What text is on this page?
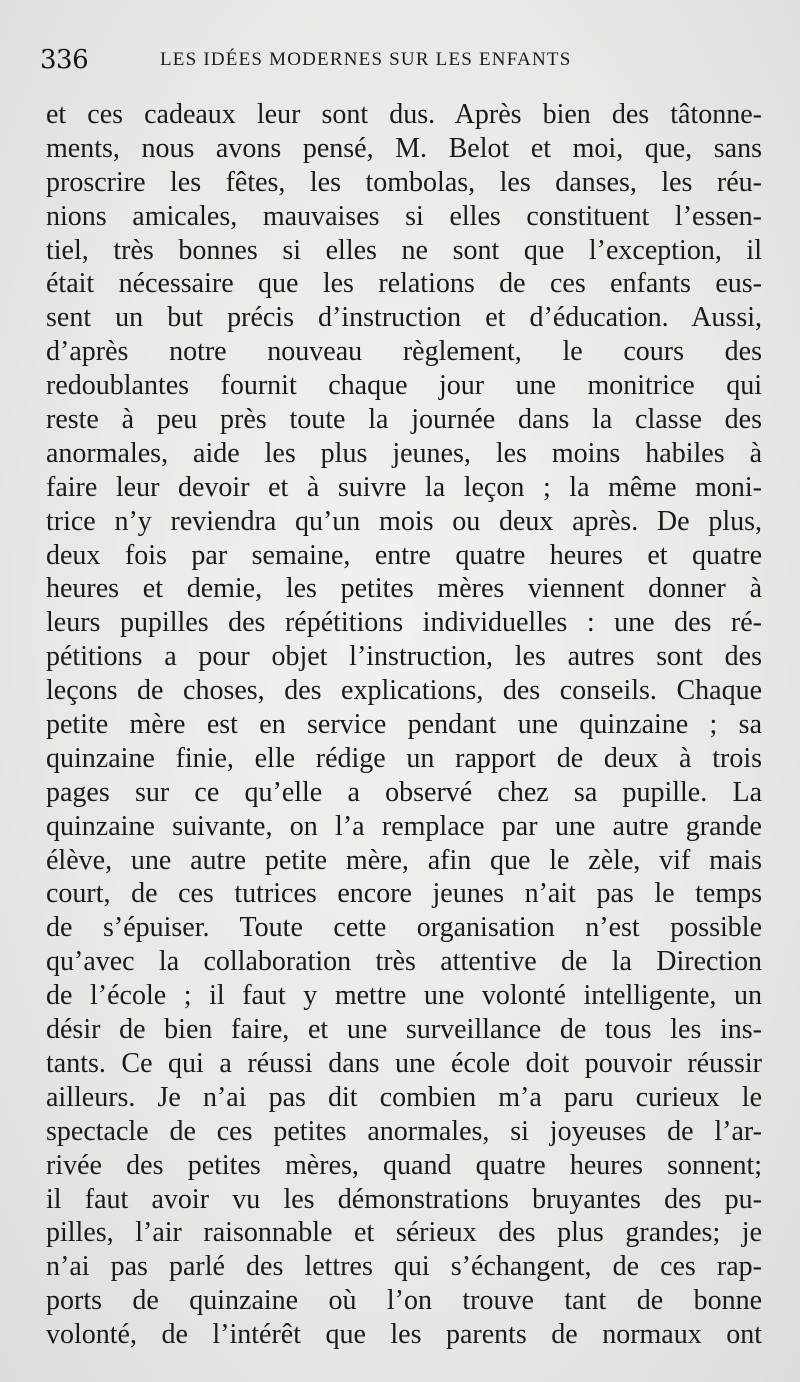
336	LES IDÉES MODERNES SUR LES ENFANTS
et ces cadeaux leur sont dus. Après bien des tâtonne-
ments, nous avons pensé, M. Belot et moi, que, sans
proscrire les fêtes, les tombolas, les danses, les réu-
nions amicales, mauvaises si elles constituent l’essen-
tiel, très bonnes si elles ne sont que l’exception, il
était nécessaire que les relations de ces enfants eus-
sent un but précis d’instruction et d’éducation. Aussi,
d’après notre nouveau règlement, le cours des
redoublantes fournit chaque jour une monitrice qui
reste à peu près toute la journée dans la classe des
anormales, aide les plus jeunes, les moins habiles à
faire leur devoir et à suivre la leçon ; la même moni-
trice n’y reviendra qu’un mois ou deux après. De plus,
deux fois par semaine, entre quatre heures et quatre
heures et demie, les petites mères viennent donner à
leurs pupilles des répétitions individuelles : une des ré-
pétitions a pour objet l’instruction, les autres sont des
leçons de choses, des explications, des conseils. Chaque
petite mère est en service pendant une quinzaine ; sa
quinzaine finie, elle rédige un rapport de deux à trois
pages sur ce qu’elle a observé chez sa pupille. La
quinzaine suivante, on l’a remplace par une autre grande
élève, une autre petite mère, afin que le zèle, vif mais
court, de ces tutrices encore jeunes n’ait pas le temps
de s’épuiser. Toute cette organisation n’est possible
qu’avec la collaboration très attentive de la Direction
de l’école ; il faut y mettre une volonté intelligente, un
désir de bien faire, et une surveillance de tous les ins-
tants. Ce qui a réussi dans une école doit pouvoir réussir
ailleurs. Je n’ai pas dit combien m’a paru curieux le
spectacle de ces petites anormales, si joyeuses de l’ar-
rivée des petites mères, quand quatre heures sonnent;
il faut avoir vu les démonstrations bruyantes des pu-
pilles, l’air raisonnable et sérieux des plus grandes; je
n’ai pas parlé des lettres qui s’échangent, de ces rap-
ports de quinzaine où l’on trouve tant de bonne
volonté, de l’intérêt que les parents de normaux ont
